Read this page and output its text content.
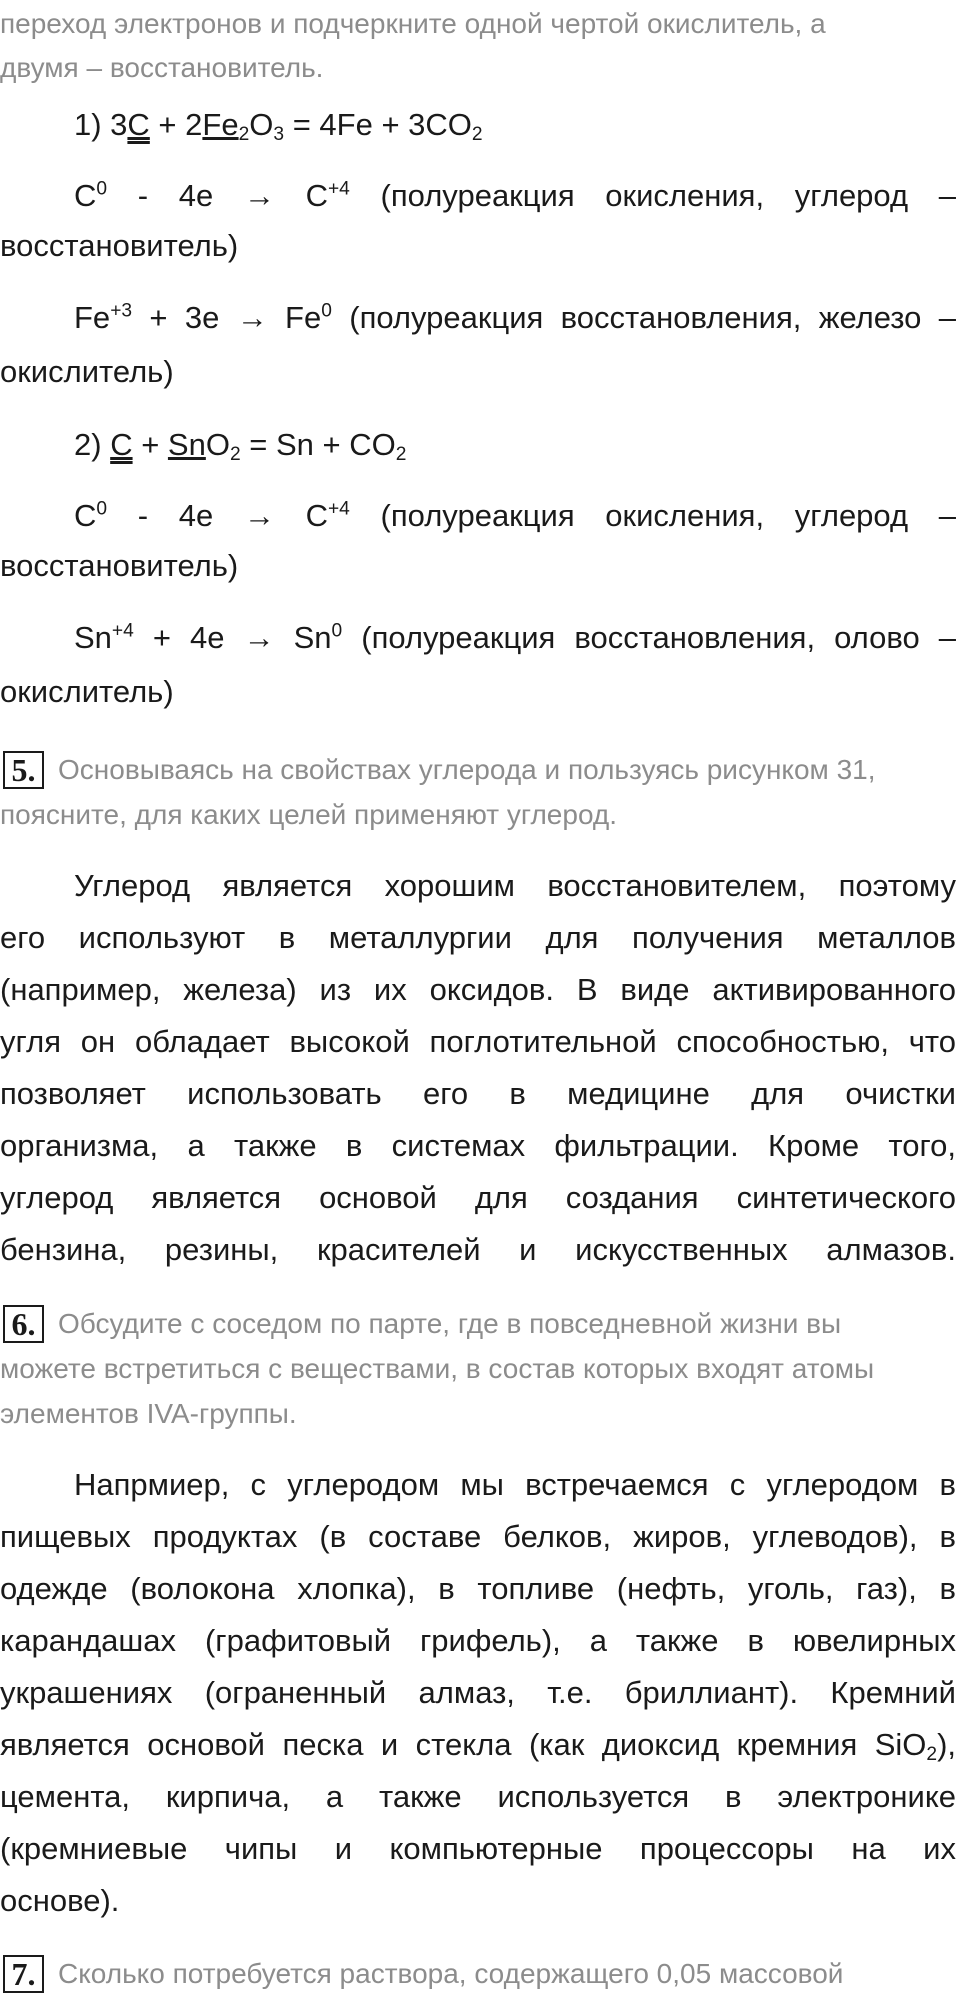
переход электронов и подчеркните одной чертой окислитель, а
двумя – восстановитель.
1) $3C + 2Fe_2O_3 = 4Fe + 3CO_2$
$C^0 - 4e \to C^{+4}$ (полуреакция окисления, углерод –
восстановитель)
$Fe^{+3} + 3e \to Fe^0$ (полуреакция восстановления, железо –
окислитель)
2) $C + SnO_2 = Sn + CO_2$
$C^0 - 4e \to C^{+4}$ (полуреакция окисления, углерод –
восстановитель)
$Sn^{+4} + 4e \to Sn^0$ (полуреакция восстановления, олово –
окислитель)
5. Основываясь на свойствах углерода и пользуясь рисунком 31,
поясните, для каких целей применяют углерод.
Углерод является хорошим восстановителем, поэтому
его используют в металлургии для получения металлов
(например, железа) из их оксидов. В виде активированного
угля он обладает высокой поглотительной способностью, что
позволяет использовать его в медицине для очистки
организма, а также в системах фильтрации. Кроме того,
углерод является основой для создания синтетического
бензина, резины, красителей и искусственных алмазов.
6. Обсудите с соседом по парте, где в повседневной жизни вы
можете встретиться с веществами, в состав которых входят атомы
элементов IVA-группы.
Напрмиер, с углеродом мы встречаемся с углеродом в
пищевых продуктах (в составе белков, жиров, углеводов), в
одежде (волокона хлопка), в топливе (нефть, уголь, газ), в
карандашах (графитовый грифель), а также в ювелирных
украшениях (ограненный алмаз, т.е. бриллиант). Кремний
является основой песка и стекла (как диоксид кремния SiO$_2$),
цемента, кирпича, а также используется в электронике
(кремниевые чипы и компьютерные процессоры на их
основе).
7. Сколько потребуется раствора, содержащего 0,05 массовой
